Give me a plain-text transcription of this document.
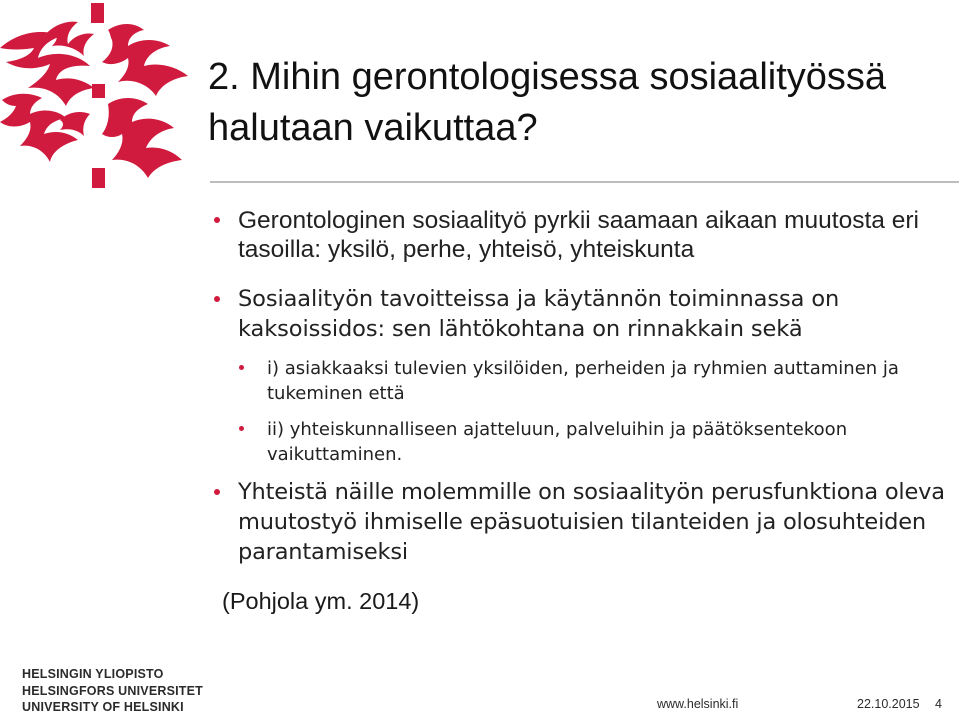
2. Mihin gerontologisessa sosiaalityössä halutaan vaikuttaa?
Gerontologinen sosiaalityö pyrkii saamaan aikaan muutosta eri tasoilla: yksilö, perhe, yhteisö, yhteiskunta
Sosiaalityön tavoitteissa ja käytännön toiminnassa on kaksoissidos: sen lähtökohtana on rinnakkain sekä
i) asiakkaaksi tulevien yksilöiden, perheiden ja ryhmien auttaminen ja tukeminen että
ii) yhteiskunnalliseen ajatteluun, palveluihin ja päätöksentekoon vaikuttaminen.
Yhteistä näille molemmille on sosiaalityön perusfunktiona oleva muutostyö ihmiselle epäsuotuisien tilanteiden ja olosuhteiden parantamiseksi
(Pohjola ym. 2014)
HELSINGIN YLIOPISTO
HELSINGFORS UNIVERSITET
UNIVERSITY OF HELSINKI	www.helsinki.fi	22.10.2015 4
